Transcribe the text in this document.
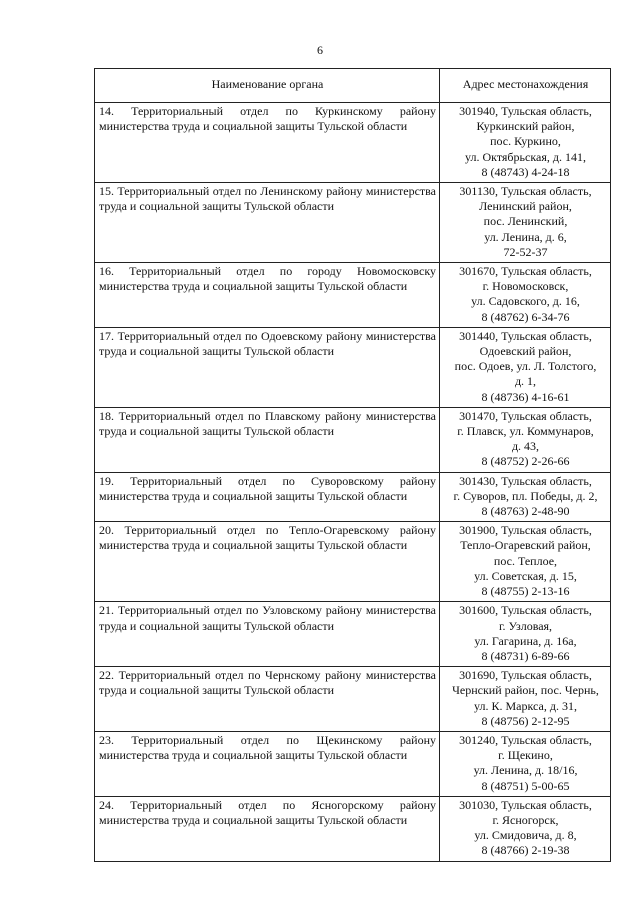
6
Наименование органа	Адрес местонахождения
14. Территориальный отдел по Куркинскому району министерства труда и социальной защиты Тульской области	301940, Тульская область,
Куркинский район,
пос. Куркино,
ул. Октябрьская, д. 141,
8 (48743) 4-24-18

15. Территориальный отдел по Ленинскому району министерства труда и социальной защиты Тульской области	301130, Тульская область,
Ленинский район,
пос. Ленинский,
ул. Ленина, д. 6,
72-52-37

16. Территориальный отдел по городу Новомосковску министерства труда и социальной защиты Тульской области	301670, Тульская область,
г. Новомосковск,
ул. Садовского, д. 16,
8 (48762) 6-34-76

17. Территориальный отдел по Одоевскому району министерства труда и социальной защиты Тульской области	301440, Тульская область,
Одоевский район,
пос. Одоев, ул. Л. Толстого,
д. 1,
8 (48736) 4-16-61

18. Территориальный отдел по Плавскому району министерства труда и социальной защиты Тульской области	301470, Тульская область,
г. Плавск, ул. Коммунаров,
д. 43,
8 (48752) 2-26-66

19. Территориальный отдел по Суворовскому району министерства труда и социальной защиты Тульской области	301430, Тульская область,
г. Суворов, пл. Победы, д. 2,
8 (48763) 2-48-90

20. Территориальный отдел по Тепло-Огаревскому району министерства труда и социальной защиты Тульской области	301900, Тульская область,
Тепло-Огаревский район,
пос. Теплое,
ул. Советская, д. 15,
8 (48755) 2-13-16

21. Территориальный отдел по Узловскому району министерства труда и социальной защиты Тульской области	301600, Тульская область,
г. Узловая,
ул. Гагарина, д. 16а,
8 (48731) 6-89-66

22. Территориальный отдел по Чернскому району министерства труда и социальной защиты Тульской области	301690, Тульская область,
Чернский район, пос. Чернь,
ул. К. Маркса, д. 31,
8 (48756) 2-12-95

23. Территориальный отдел по Щекинскому району министерства труда и социальной защиты Тульской области	301240, Тульская область,
г. Щекино,
ул. Ленина, д. 18/16,
8 (48751) 5-00-65

24. Территориальный отдел по Ясногорскому району министерства труда и социальной защиты Тульской области	301030, Тульская область,
г. Ясногорск,
ул. Смидовича, д. 8,
8 (48766) 2-19-38
